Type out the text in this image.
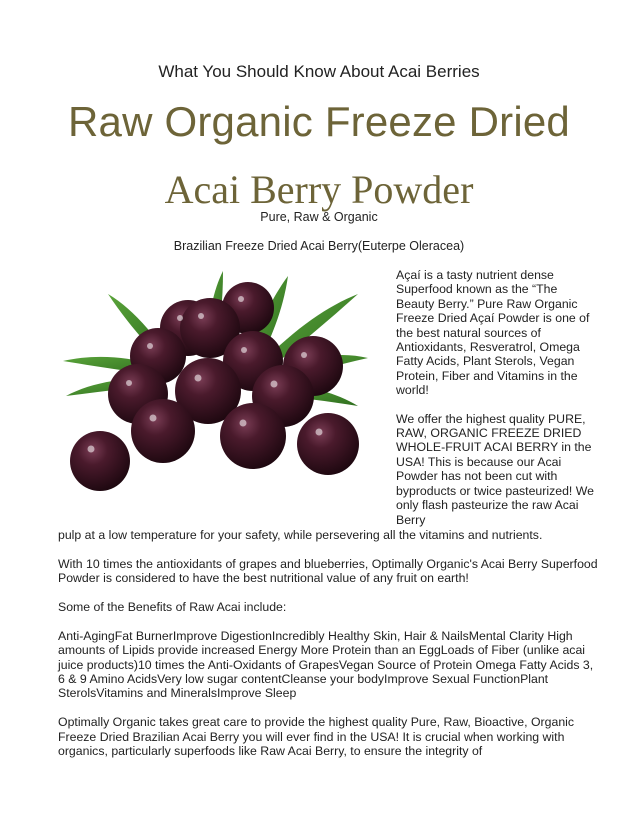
What You Should Know About Acai Berries
Raw Organic Freeze Dried
Acai Berry Powder
Pure, Raw & Organic
Brazilian Freeze Dried Acai Berry(Euterpe Oleracea)

Açaí is a tasty nutrient dense Superfood known as the “The Beauty Berry.” Pure Raw Organic Freeze Dried Açaí Powder is one of the best natural sources of Antioxidants, Resveratrol, Omega Fatty Acids, Plant Sterols, Vegan Protein, Fiber and Vitamins in the world!

We offer the highest quality PURE, RAW, ORGANIC FREEZE DRIED WHOLE-FRUIT ACAI BERRY in the USA! This is because our Acai Powder has not been cut with byproducts or twice pasteurized! We only flash pasteurize the raw Acai Berry

pulp at a low temperature for your safety, while persevering all the vitamins and nutrients.

With 10 times the antioxidants of grapes and blueberries, Optimally Organic's Acai Berry Superfood Powder is considered to have the best nutritional value of any fruit on earth!

Some of the Benefits of Raw Acai include:

Anti-AgingFat BurnerImprove DigestionIncredibly Healthy Skin, Hair & NailsMental Clarity High amounts of Lipids provide increased Energy More Protein than an EggLoads of Fiber (unlike acai juice products)10 times the Anti-Oxidants of GrapesVegan Source of Protein Omega Fatty Acids 3, 6 & 9 Amino AcidsVery low sugar contentCleanse your bodyImprove Sexual FunctionPlant SterolsVitamins and MineralsImprove Sleep

Optimally Organic takes great care to provide the highest quality Pure, Raw, Bioactive, Organic Freeze Dried Brazilian Acai Berry you will ever find in the USA! It is crucial when working with organics, particularly superfoods like Raw Acai Berry, to ensure the integrity of
